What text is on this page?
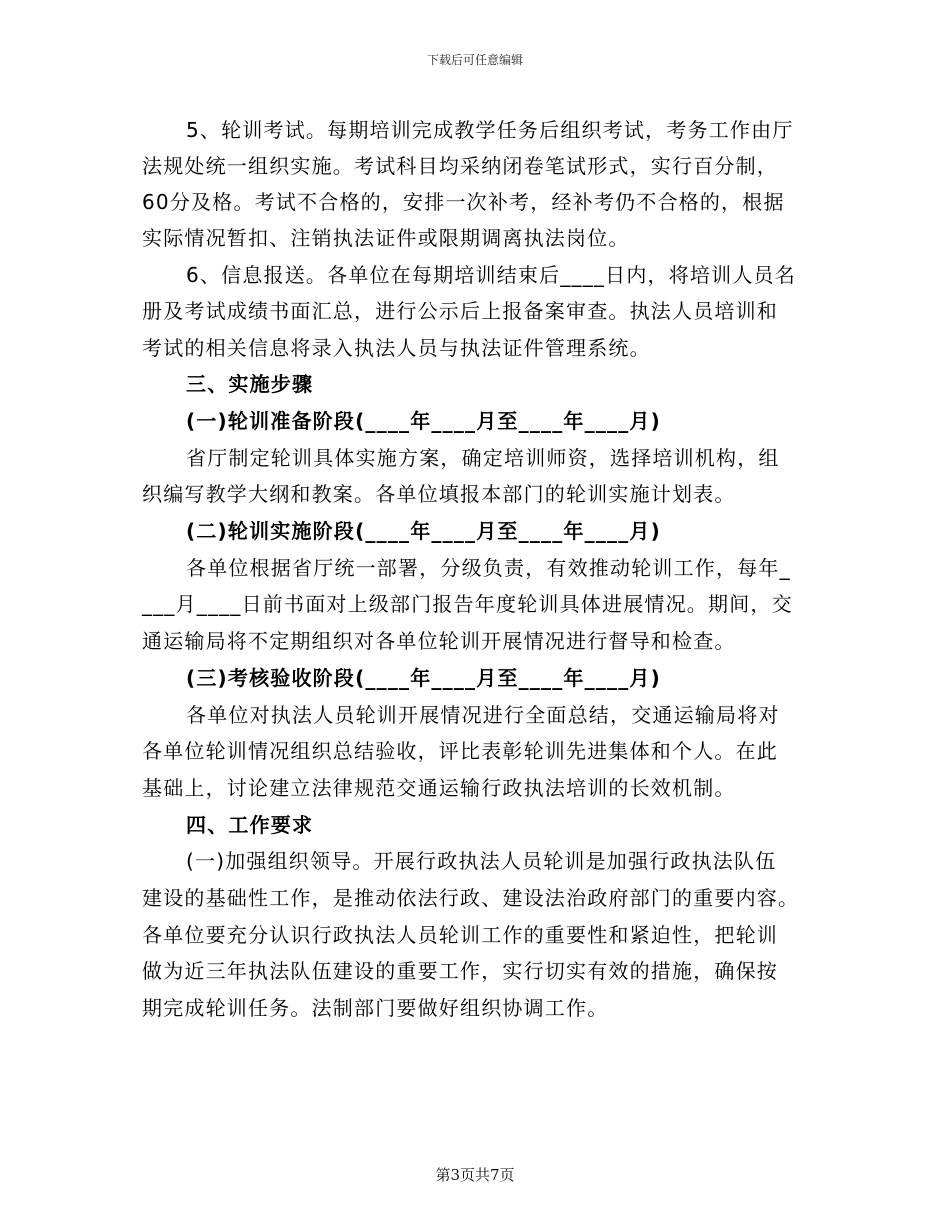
下载后可任意编辑
5、轮训考试。每期培训完成教学任务后组织考试，考务工作由厅
法规处统一组织实施。考试科目均采纳闭卷笔试形式，实行百分制，
60分及格。考试不合格的，安排一次补考，经补考仍不合格的，根据
实际情况暂扣、注销执法证件或限期调离执法岗位。
6、信息报送。各单位在每期培训结束后____日内，将培训人员名
册及考试成绩书面汇总，进行公示后上报备案审查。执法人员培训和
考试的相关信息将录入执法人员与执法证件管理系统。
三、实施步骤
(一)轮训准备阶段(____年____月至____年____月)
省厅制定轮训具体实施方案，确定培训师资，选择培训机构，组
织编写教学大纲和教案。各单位填报本部门的轮训实施计划表。
(二)轮训实施阶段(____年____月至____年____月)
各单位根据省厅统一部署，分级负责，有效推动轮训工作，每年_
___月____日前书面对上级部门报告年度轮训具体进展情况。期间，交
通运输局将不定期组织对各单位轮训开展情况进行督导和检查。
(三)考核验收阶段(____年____月至____年____月)
各单位对执法人员轮训开展情况进行全面总结，交通运输局将对
各单位轮训情况组织总结验收，评比表彰轮训先进集体和个人。在此
基础上，讨论建立法律规范交通运输行政执法培训的长效机制。
四、工作要求
(一)加强组织领导。开展行政执法人员轮训是加强行政执法队伍
建设的基础性工作，是推动依法行政、建设法治政府部门的重要内容。
各单位要充分认识行政执法人员轮训工作的重要性和紧迫性，把轮训
做为近三年执法队伍建设的重要工作，实行切实有效的措施，确保按
期完成轮训任务。法制部门要做好组织协调工作。
第3页共7页
